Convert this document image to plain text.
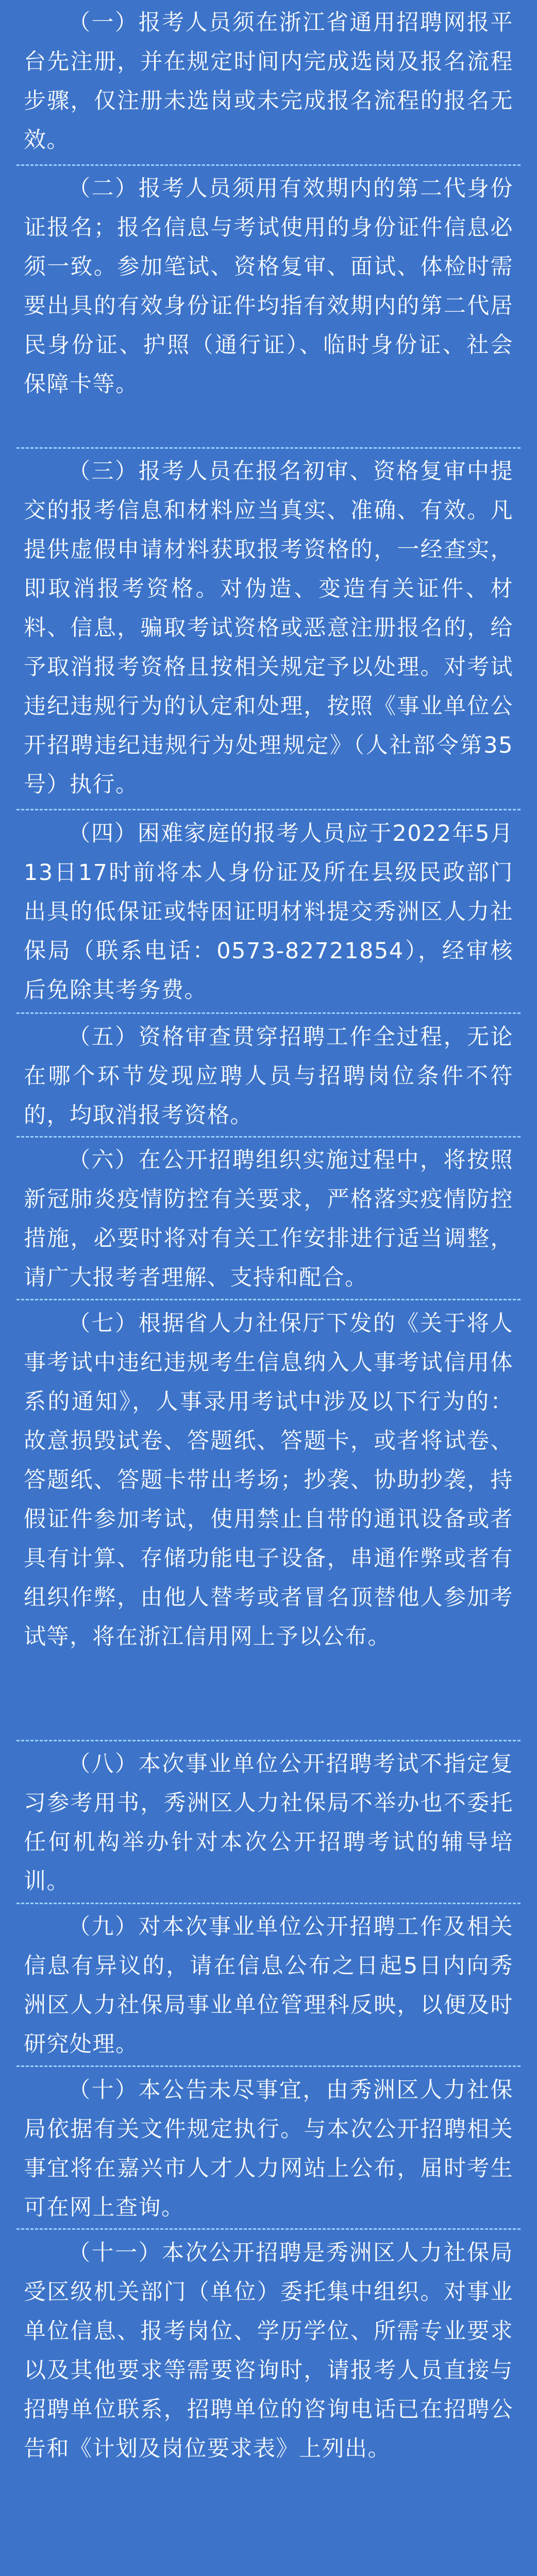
（一）报考人员须在浙江省通用招聘网报平台先注册，并在规定时间内完成选岗及报名流程步骤，仅注册未选岗或未完成报名流程的报名无效。

（二）报考人员须用有效期内的第二代身份证报名；报名信息与考试使用的身份证件信息必须一致。参加笔试、资格复审、面试、体检时需要出具的有效身份证件均指有效期内的第二代居民身份证、护照（通行证）、临时身份证、社会保障卡等。

（三）报考人员在报名初审、资格复审中提交的报考信息和材料应当真实、准确、有效。凡提供虚假申请材料获取报考资格的，一经查实，即取消报考资格。对伪造、变造有关证件、材料、信息，骗取考试资格或恶意注册报名的，给予取消报考资格且按相关规定予以处理。对考试违纪违规行为的认定和处理，按照《事业单位公开招聘违纪违规行为处理规定》（人社部令第35号）执行。

（四）困难家庭的报考人员应于2022年5月13日17时前将本人身份证及所在县级民政部门出具的低保证或特困证明材料提交秀洲区人力社保局（联系电话：0573-82721854），经审核后免除其考务费。

（五）资格审查贯穿招聘工作全过程，无论在哪个环节发现应聘人员与招聘岗位条件不符的，均取消报考资格。

（六）在公开招聘组织实施过程中，将按照新冠肺炎疫情防控有关要求，严格落实疫情防控措施，必要时将对有关工作安排进行适当调整，请广大报考者理解、支持和配合。

（七）根据省人力社保厅下发的《关于将人事考试中违纪违规考生信息纳入人事考试信用体系的通知》，人事录用考试中涉及以下行为的：故意损毁试卷、答题纸、答题卡，或者将试卷、答题纸、答题卡带出考场；抄袭、协助抄袭，持假证件参加考试，使用禁止自带的通讯设备或者具有计算、存储功能电子设备，串通作弊或者有组织作弊，由他人替考或者冒名顶替他人参加考试等，将在浙江信用网上予以公布。

（八）本次事业单位公开招聘考试不指定复习参考用书，秀洲区人力社保局不举办也不委托任何机构举办针对本次公开招聘考试的辅导培训。

（九）对本次事业单位公开招聘工作及相关信息有异议的，请在信息公布之日起5日内向秀洲区人力社保局事业单位管理科反映，以便及时研究处理。

（十）本公告未尽事宜，由秀洲区人力社保局依据有关文件规定执行。与本次公开招聘相关事宜将在嘉兴市人才人力网站上公布，届时考生可在网上查询。

（十一）本次公开招聘是秀洲区人力社保局受区级机关部门（单位）委托集中组织。对事业单位信息、报考岗位、学历学位、所需专业要求以及其他要求等需要咨询时，请报考人员直接与招聘单位联系，招聘单位的咨询电话已在招聘公告和《计划及岗位要求表》上列出。
